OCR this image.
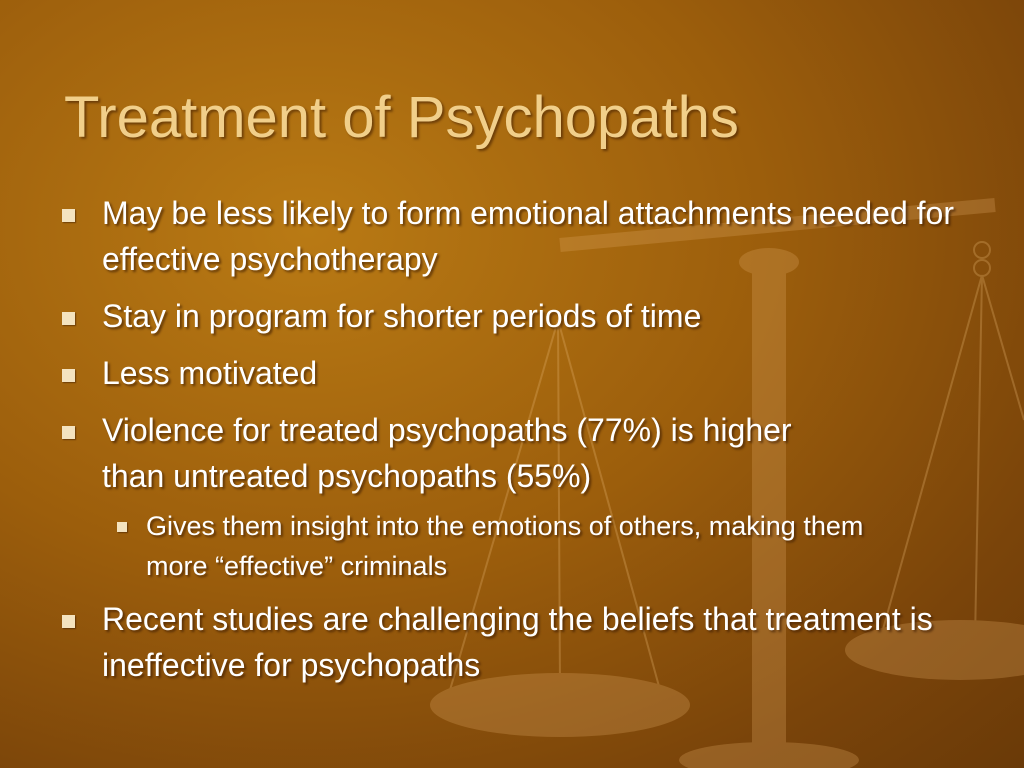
Treatment of Psychopaths
May be less likely to form emotional attachments needed for effective psychotherapy
Stay in program for shorter periods of time
Less motivated
Violence for treated psychopaths (77%) is higher than untreated psychopaths (55%)
Gives them insight into the emotions of others, making them more “effective” criminals
Recent studies are challenging the beliefs that treatment is ineffective for psychopaths
